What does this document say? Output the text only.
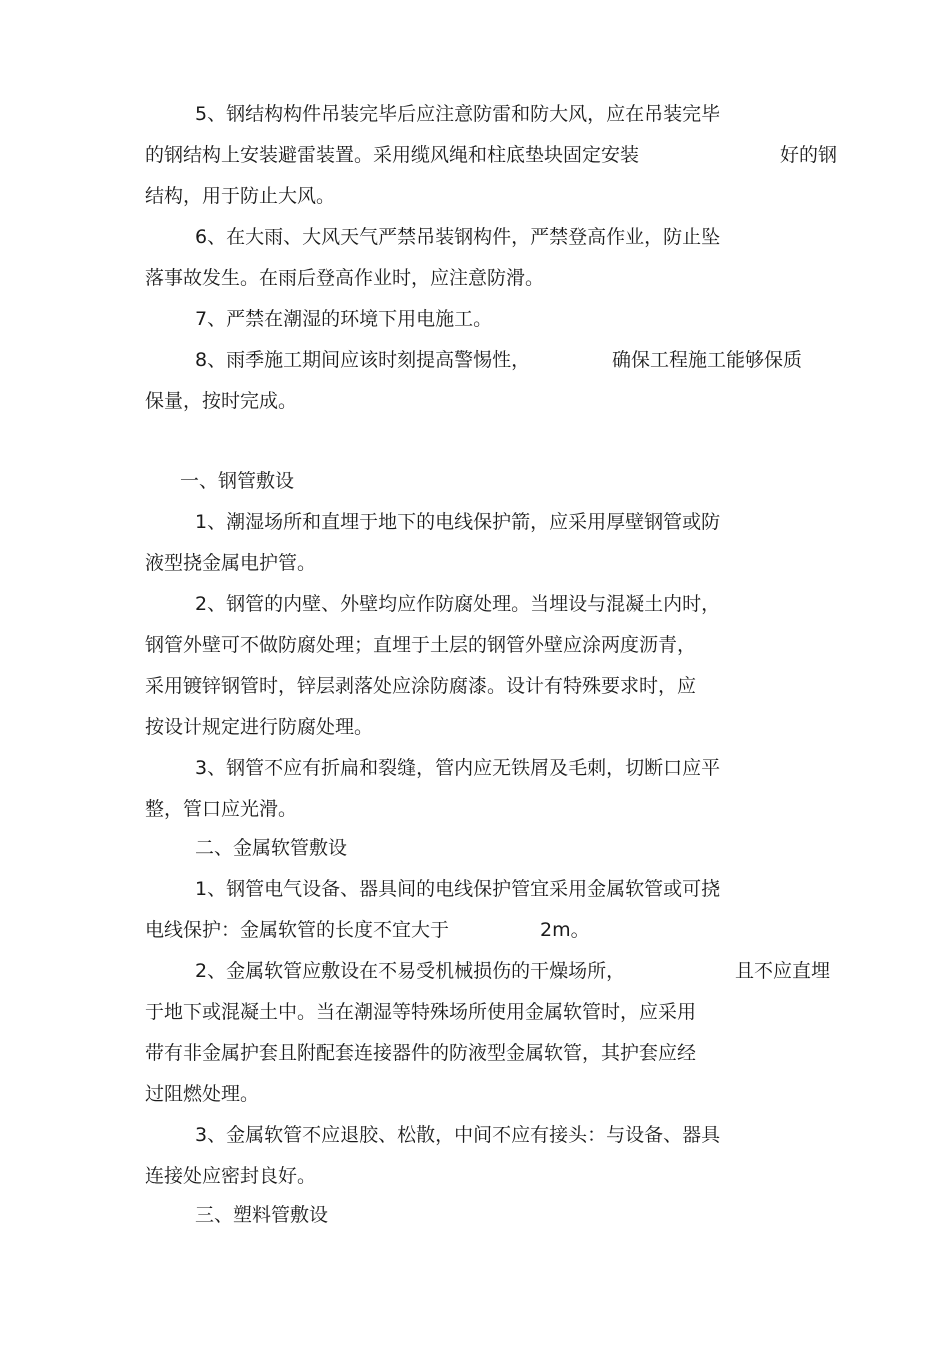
5、钢结构构件吊装完毕后应注意防雷和防大风，应在吊装完毕
的钢结构上安装避雷装置。采用缆风绳和柱底垫块固定安装	好的钢
结构，用于防止大风。
6、在大雨、大风天气严禁吊装钢构件，严禁登高作业，防止坠
落事故发生。在雨后登高作业时，应注意防滑。
7、严禁在潮湿的环境下用电施工。
8、雨季施工期间应该时刻提高警惕性，	确保工程施工能够保质
保量，按时完成。
一、钢管敷设
1、潮湿场所和直埋于地下的电线保护箭，应采用厚壁钢管或防
液型挠金属电护管。
2、钢管的内壁、外壁均应作防腐处理。当埋设与混凝土内时，
钢管外壁可不做防腐处理；直埋于土层的钢管外壁应涂两度沥青，
采用镀锌钢管时，锌层剥落处应涂防腐漆。设计有特殊要求时，应
按设计规定进行防腐处理。
3、钢管不应有折扁和裂缝，管内应无铁屑及毛刺，切断口应平
整，管口应光滑。
二、金属软管敷设
1、钢管电气设备、器具间的电线保护管宜采用金属软管或可挠
电线保护：金属软管的长度不宜大于	2m。
2、金属软管应敷设在不易受机械损伤的干燥场所，	且不应直埋
于地下或混凝土中。当在潮湿等特殊场所使用金属软管时，应采用
带有非金属护套且附配套连接器件的防液型金属软管，其护套应经
过阻燃处理。
3、金属软管不应退胶、松散，中间不应有接头：与设备、器具
连接处应密封良好。
三、塑料管敷设
